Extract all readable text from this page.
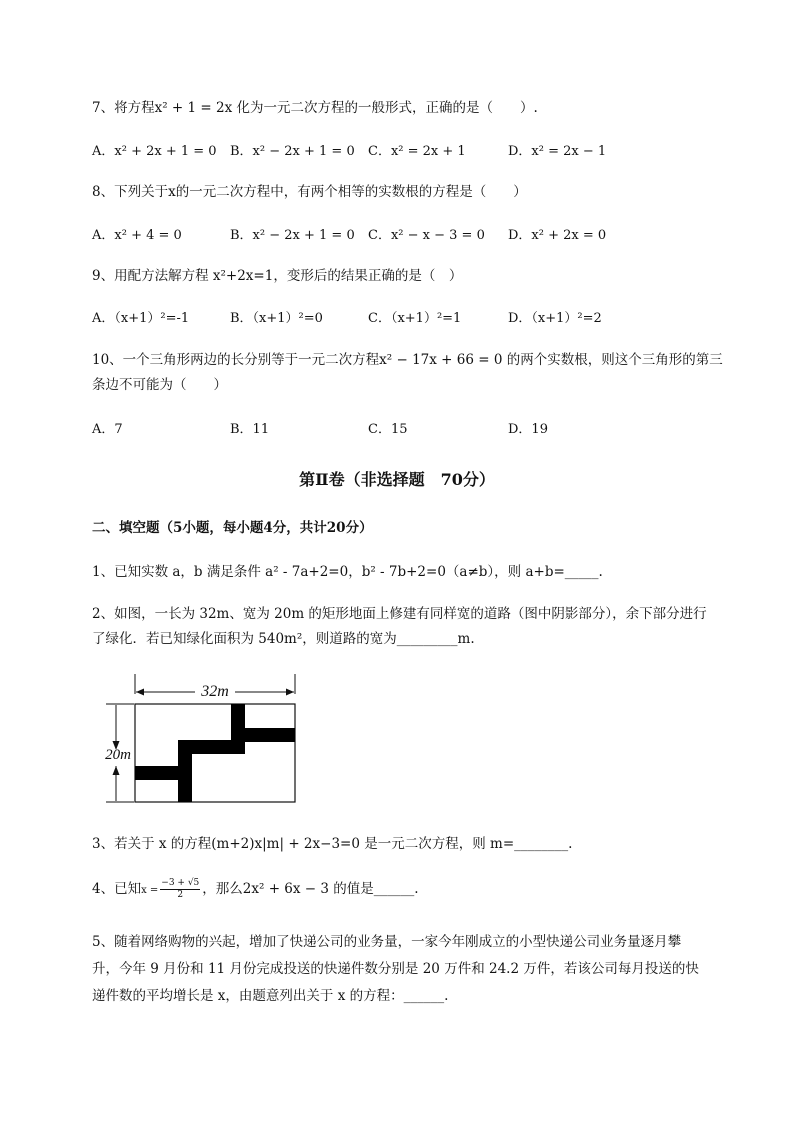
7、将方程x² + 1 = 2x 化为一元二次方程的一般形式，正确的是（　　）.
A．x² + 2x + 1 = 0 B．x² − 2x + 1 = 0 C．x² = 2x + 1	D．x² = 2x − 1
8、下列关于x的一元二次方程中，有两个相等的实数根的方程是（　　）
A．x² + 4 = 0	B．x² − 2x + 1 = 0 C．x² − x − 3 = 0 D．x² + 2x = 0
9、用配方法解方程 x²+2x=1，变形后的结果正确的是（　）
A．（x+1）²=-1	B．（x+1）²=0	C．（x+1）²=1	D．（x+1）²=2
10、一个三角形两边的长分别等于一元二次方程x² − 17x + 66 = 0 的两个实数根，则这个三角形的第三
条边不可能为（　　）
A．7	B．11	C．15	D．19
第Ⅱ卷（非选择题　70分）
二、填空题（5小题，每小题4分，共计20分）
1、已知实数 a，b 满足条件 a² - 7a+2=0，b² - 7b+2=0（a≠b），则 a+b=_____.
2、如图，一长为 32m、宽为 20m 的矩形地面上修建有同样宽的道路（图中阴影部分），余下部分进行
了绿化．若已知绿化面积为 540m²，则道路的宽为_________m.
32m
20m
3、若关于 x 的方程(m+2)x|m| + 2x−3=0 是一元二次方程，则 m=________.
4、已知$x = \frac{-3 + √5}{2}$ ，那么2x² + 6x − 3 的值是______.
5、随着网络购物的兴起，增加了快递公司的业务量，一家今年刚成立的小型快递公司业务量逐月攀
升，今年 9 月份和 11 月份完成投送的快递件数分别是 20 万件和 24.2 万件，若该公司每月投送的快
递件数的平均增长是 x，由题意列出关于 x 的方程：______.
